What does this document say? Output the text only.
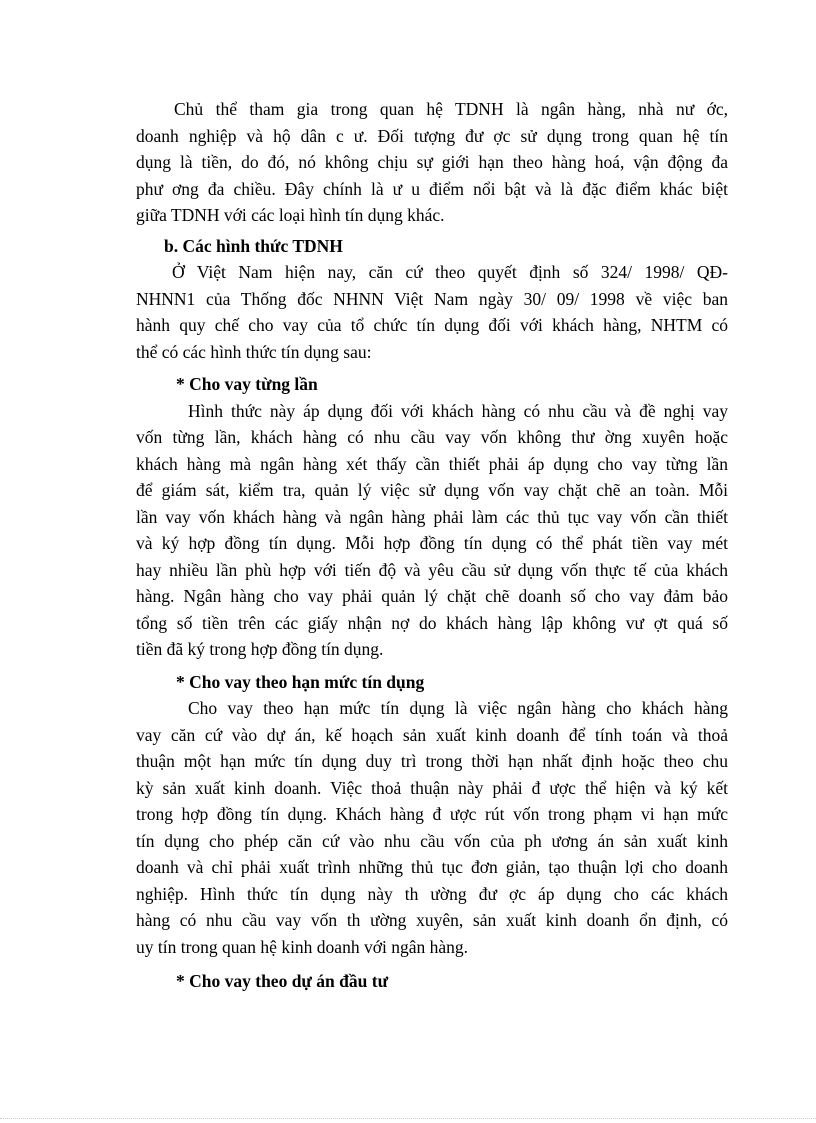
Chủ thể tham gia trong quan hệ TDNH là ngân hàng, nhà nư ớc,
doanh nghiệp và hộ dân c ư. Đối tượng đư ợc sử dụng trong quan hệ tín
dụng là tiền, do đó, nó không chịu sự giới hạn theo hàng hoá, vận động đa
phư ơng đa chiều. Đây chính là ư u điểm nổi bật và là đặc điểm khác biệt
giữa TDNH với các loại hình tín dụng khác.
b. Các hình thức TDNH
Ở Việt Nam hiện nay, căn cứ theo quyết định số 324/ 1998/ QĐ-
NHNN1 của Thống đốc NHNN Việt Nam ngày 30/ 09/ 1998 về việc ban
hành quy chế cho vay của tổ chức tín dụng đối với khách hàng, NHTM có
thể có các hình thức tín dụng sau:
* Cho vay từng lần
Hình thức này áp dụng đối với khách hàng có nhu cầu và đề nghị vay
vốn từng lần, khách hàng có nhu cầu vay vốn không thư ờng xuyên hoặc
khách hàng mà ngân hàng xét thấy cần thiết phải áp dụng cho vay từng lần
để giám sát, kiểm tra, quản lý việc sử dụng vốn vay chặt chẽ an toàn. Mỗi
lần vay vốn khách hàng và ngân hàng phải làm các thủ tục vay vốn cần thiết
và ký hợp đồng tín dụng. Mỗi hợp đồng tín dụng có thể phát tiền vay mét
hay nhiều lần phù hợp với tiến độ và yêu cầu sử dụng vốn thực tế của khách
hàng. Ngân hàng cho vay phải quản lý chặt chẽ doanh số cho vay đảm bảo
tổng số tiền trên các giấy nhận nợ do khách hàng lập không vư ợt quá số
tiền đã ký trong hợp đồng tín dụng.
* Cho vay theo hạn mức tín dụng
Cho vay theo hạn mức tín dụng là việc ngân hàng cho khách hàng
vay căn cứ vào dự án, kế hoạch sản xuất kinh doanh để tính toán và thoả
thuận một hạn mức tín dụng duy trì trong thời hạn nhất định hoặc theo chu
kỳ sản xuất kinh doanh. Việc thoả thuận này phải đ ược thể hiện và ký kết
trong hợp đồng tín dụng. Khách hàng đ ược rút vốn trong phạm vi hạn mức
tín dụng cho phép căn cứ vào nhu cầu vốn của ph ương án sản xuất kinh
doanh và chỉ phải xuất trình những thủ tục đơn giản, tạo thuận lợi cho doanh
nghiệp. Hình thức tín dụng này th ường đư ợc áp dụng cho các khách
hàng có nhu cầu vay vốn th ường xuyên, sản xuất kinh doanh ổn định, có
uy tín trong quan hệ kinh doanh với ngân hàng.
* Cho vay theo dự án đầu tư
